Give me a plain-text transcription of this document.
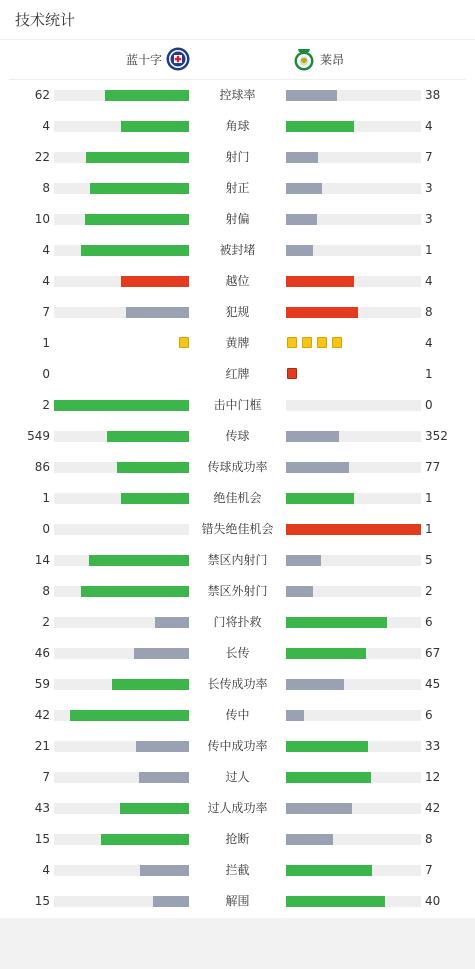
技术统计
蓝十字	莱昂
62	控球率	38
4	角球	4
22	射门	7
8	射正	3
10	射偏	3
4	被封堵	1
4	越位	4
7	犯规	8
1	黄牌	4
0	红牌	1
2	击中门框	0
549	传球	352
86	传球成功率	77
1	绝佳机会	1
0	错失绝佳机会	1
14	禁区内射门	5
8	禁区外射门	2
2	门将扑救	6
46	长传	67
59	长传成功率	45
42	传中	6
21	传中成功率	33
7	过人	12
43	过人成功率	42
15	抢断	8
4	拦截	7
15	解围	40
